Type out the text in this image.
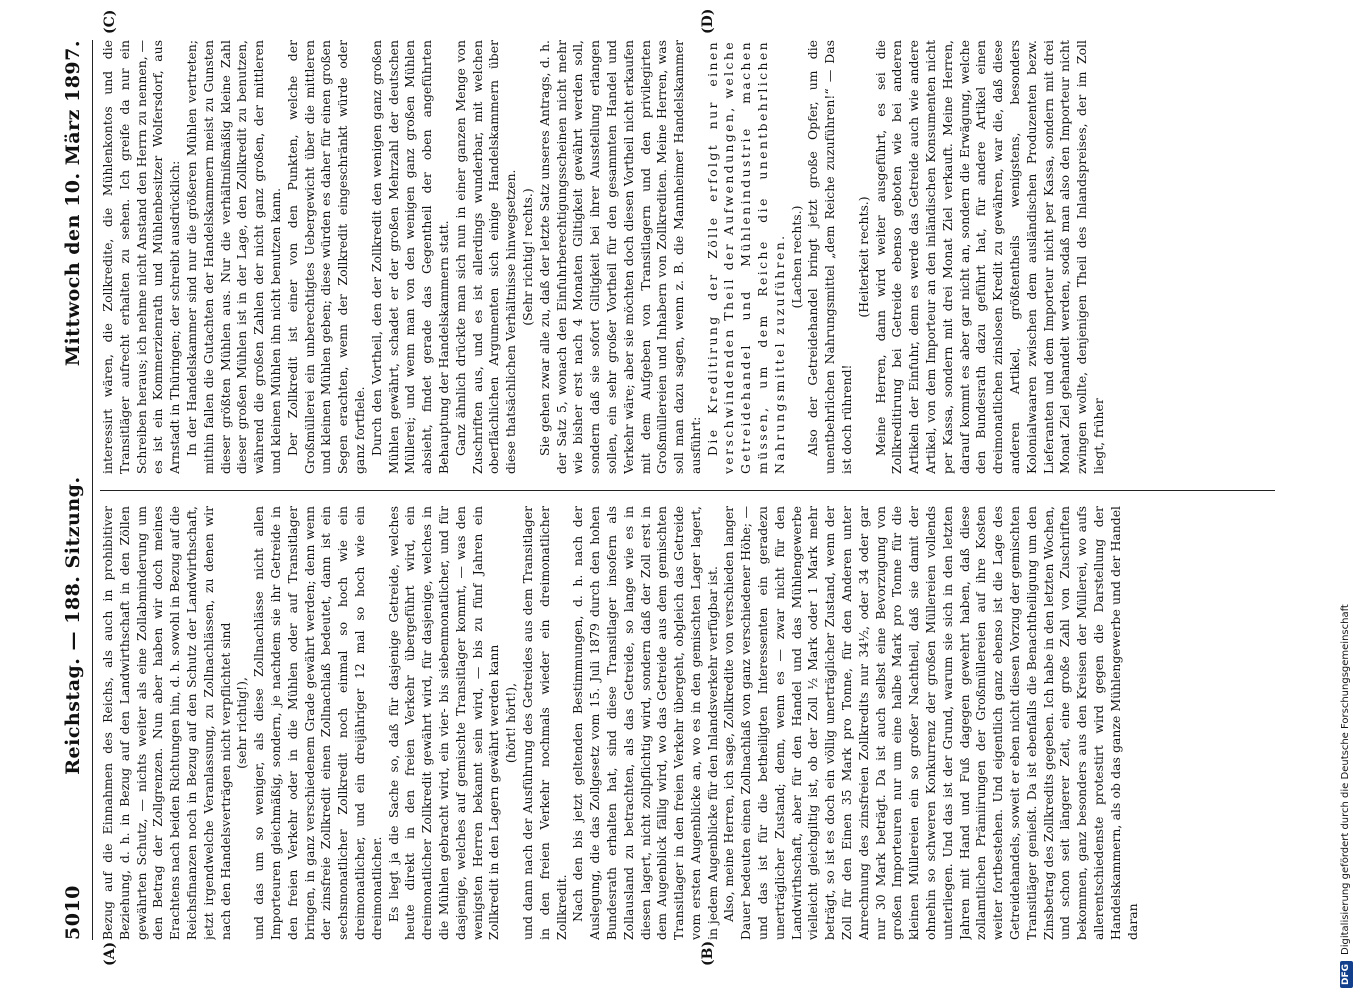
5010
Reichstag. — 188. Sitzung.
Mittwoch den 10. März 1897.
(A)	(B)
(C)	(D)

Bezug auf die Einnahmen des Reichs, als auch in prohibitiver Beziehung, d. h. in Bezug auf den Landwirthschaft in den Zöllen gewährten Schutz, — nichts weiter als eine Zollabminderung um den Betrag der Zollgrenzen. Nun aber haben wir doch meines Erachtens nach beiden Richtungen hin, d. h. sowohl in Bezug auf die Reichsfinanzen noch in Bezug auf den Schutz der Landwirthschaft, jetzt irgendwelche Veranlassung, zu Zollnachlässen, zu denen wir nach den Handelsverträgen nicht verpflichtet sind (sehr richtig!), und das um so weniger, als diese Zollnachlässe nicht allen Importeuren gleichmäßig, sondern, je nachdem sie ihr Getreide in den freien Verkehr oder in die Mühlen oder auf Transitlager bringen, in ganz verschiedenem Grade gewährt werden; denn wenn der zinsfreie Zollkredit einen Zollnachlaß bedeutet, dann ist ein sechsmonatlicher Zollkredit noch einmal so hoch wie ein dreimonatlicher, und ein dreijähriger 12 mal so hoch wie ein dreimonatlicher. Es liegt ja die Sache so, daß für dasjenige Getreide, welches heute direkt in den freien Verkehr übergeführt wird, ein dreimonatlicher Zollkredit gewährt wird, für dasjenige, welches in die Mühlen gebracht wird, ein vier- bis siebenmonatlicher, und für dasjenige, welches auf gemischte Transitlager kommt, — was den wenigsten Herren bekannt sein wird, — bis zu fünf Jahren ein Zollkredit in den Lagern gewährt werden kann (hört! hört!), und dann nach der Ausführung des Getreides aus dem Transitlager in den freien Verkehr nochmals wieder ein dreimonatlicher Zollkredit. Nach den bis jetzt geltenden Bestimmungen, d. h. nach der Auslegung, die das Zollgesetz vom 15. Juli 1879 durch den hohen Bundesrath erhalten hat, sind diese Transitlager insofern als Zollausland zu betrachten, als das Getreide, so lange wie es in diesen lagert, nicht zollpflichtig wird, sondern daß der Zoll erst in dem Augenblick fällig wird, wo das Getreide aus dem gemischten Transitlager in den freien Verkehr übergeht, obgleich das Getreide vom ersten Augenblicke an, wo es in den gemischten Lager lagert, in jedem Augenblicke für den Inlandsverkehr verfügbar ist. Also, meine Herren, ich sage, Zollkredite von verschieden langer Dauer bedeuten einen Zollnachlaß von ganz verschiedener Höhe; — und das ist für die betheiligten Interessenten ein geradezu unerträglicher Zustand; denn, wenn es — zwar nicht für den Landwirthschaft, aber für den Handel und das Mühlengewerbe vielleicht gleichgiltig ist, ob der Zoll ½ Mark oder 1 Mark mehr beträgt, so ist es doch ein völlig unerträglicher Zustand, wenn der Zoll für den Einen 35 Mark pro Tonne, für den Anderen unter Anrechnung des zinsfreien Zollkredits nur 34½, oder 34 oder gar nur 30 Mark beträgt. Da ist auch selbst eine Bevorzugung von großen Importeuren nur um eine halbe Mark pro Tonne für die kleinen Müllereien ein so großer Nachtheil, daß sie damit der ohnehin so schweren Konkurrenz der großen Müllereien vollends unterliegen. Und das ist der Grund, warum sie sich in den letzten Jahren mit Hand und Fuß dagegen gewehrt haben, daß diese zollamtlichen Prämiirungen der Großmüllereien auf ihre Kosten weiter fortbestehen. Und eigentlich ganz ebenso ist die Lage des Getreidehandels, soweit er eben nicht diesen Vorzug der gemischten Transitläger genießt. Da ist ebenfalls die Benachtheiligung um den Zinsbetrag des Zollkredits gegeben. Ich habe in den letzten Wochen, und schon seit längerer Zeit, eine große Zahl von Zuschriften bekommen, ganz besonders aus den Kreisen der Müllerei, wo aufs allerentschiedenste protestirt wird gegen die Darstellung der Handelskammern, als ob das ganze Mühlengewerbe und der Handel daran

interessirt wären, die Zollkredite, die Mühlenkontos und die Transitläger aufrecht erhalten zu sehen. Ich greife da nur ein Schreiben heraus; ich nehme nicht Anstand den Herrn zu nennen, — es ist ein Kommerzienrath und Mühlenbesitzer Wolfersdorf, aus Arnstadt in Thüringen; der schreibt ausdrücklich: In der Handelskammer sind nur die größeren Mühlen vertreten; mithin fallen die Gutachten der Handelskammern meist zu Gunsten dieser größten Mühlen aus. Nur die verhältnißmäßig kleine Zahl dieser großen Mühlen ist in der Lage, den Zollkredit zu benutzen, während die großen Zahlen der nicht ganz großen, der mittleren und kleinen Mühlen ihn nicht benutzen kann. Der Zollkredit ist einer von den Punkten, welche der Großmüllerei ein unberechtigtes Uebergewicht über die mittleren und kleinen Mühlen geben; diese würden es daher für einen großen Segen erachten, wenn der Zollkredit eingeschränkt würde oder ganz fortfiele. Durch den Vortheil, den der Zollkredit den wenigen ganz großen Mühlen gewährt, schadet er der großen Mehrzahl der deutschen Müllerei; und wenn man von den wenigen ganz großen Mühlen absieht, findet gerade das Gegentheil der oben angeführten Behauptung der Handelskammern statt. Ganz ähnlich drückte man sich nun in einer ganzen Menge von Zuschriften aus, und es ist allerdings wunderbar, mit welchen oberflächlichen Argumenten sich einige Handelskammern über diese thatsächlichen Verhältnisse hinwegsetzen. (Sehr richtig! rechts.) Sie gehen zwar alle zu, daß der letzte Satz unseres Antrags, d. h. der Satz 5, wonach den Einfuhrberechtigungsscheinen nicht mehr wie bisher erst nach 4 Monaten Giltigkeit gewährt werden soll, sondern daß sie sofort Giltigkeit bei ihrer Ausstellung erlangen sollen, ein sehr großer Vortheil für den gesammten Handel und Verkehr wäre; aber sie möchten doch diesen Vortheil nicht erkaufen mit dem Aufgeben von Transitlagern und den privilegirten Großmüllereien und Inhabern von Zollkrediten. Meine Herren, was soll man dazu sagen, wenn z. B. die Mannheimer Handelskammer ausführt: Die Kreditirung der Zölle erfolgt nur einen verschwindenden Theil der Aufwendungen, welche Getreidehandel und Mühlenindustrie machen müssen, um dem Reiche die unentbehrlichen Nahrungsmittel zuzuführen. (Lachen rechts.) Also der Getreidehandel bringt jetzt große Opfer, um die unentbehrlichen Nahrungsmittel „dem Reiche zuzuführen!“ — Das ist doch rührend!

(Heiterkeit rechts.) Meine Herren, dann wird weiter ausgeführt, es sei die Zollkreditirung bei Getreide ebenso geboten wie bei anderen Artikeln der Einfuhr, denn es werde das Getreide auch wie andere Artikel, von dem Importeur an den inländischen Konsumenten nicht per Kassa, sondern mit drei Monat Ziel verkauft. Meine Herren, darauf kommt es aber gar nicht an, sondern die Erwägung, welche den Bundesrath dazu geführt hat, für andere Artikel einen dreimonatlichen zinslosen Kredit zu gewähren, war die, daß diese anderen Artikel, größtentheils wenigstens, besonders Kolonialwaaren zwischen dem ausländischen Produzenten bezw. Lieferanten und dem Importeur nicht per Kassa, sondern mit drei Monat Ziel gehandelt werden, sodaß man also den Importeur nicht zwingen wollte, denjenigen Theil des Inlandspreises, der im Zoll liegt, früher

DFGDigitalisierung gefördert durch die Deutsche Forschungsgemeinschaft
